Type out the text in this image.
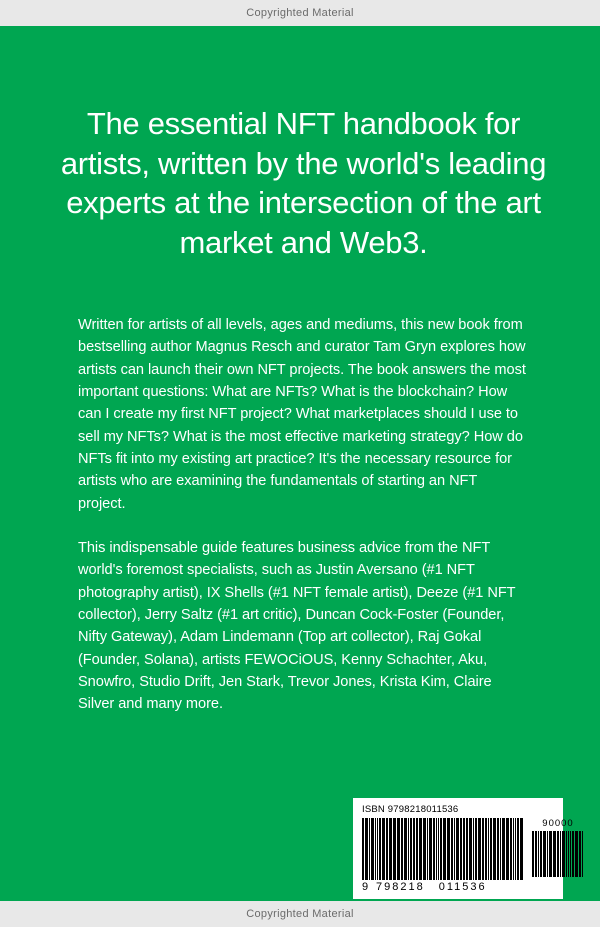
Copyrighted Material
The essential NFT handbook for artists, written by the world's leading experts at the intersection of the art market and Web3.

Written for artists of all levels, ages and mediums, this new book from bestselling author Magnus Resch and curator Tam Gryn explores how artists can launch their own NFT projects. The book answers the most important questions: What are NFTs? What is the blockchain? How can I create my first NFT project? What marketplaces should I use to sell my NFTs? What is the most effective marketing strategy? How do NFTs fit into my existing art practice? It's the necessary resource for artists who are examining the fundamentals of starting an NFT project.

This indispensable guide features business advice from the NFT world's foremost specialists, such as Justin Aversano (#1 NFT photography artist), IX Shells (#1 NFT female artist), Deeze (#1 NFT collector), Jerry Saltz (#1 art critic), Duncan Cock-Foster (Founder, Nifty Gateway), Adam Lindemann (Top art collector), Raj Gokal (Founder, Solana), artists FEWOCiOUS, Kenny Schachter, Aku, Snowfro, Studio Drift, Jen Stark, Trevor Jones, Krista Kim, Claire Silver and many more.

ISBN 9798218011536
90000
9 798218 011536
Copyrighted Material
